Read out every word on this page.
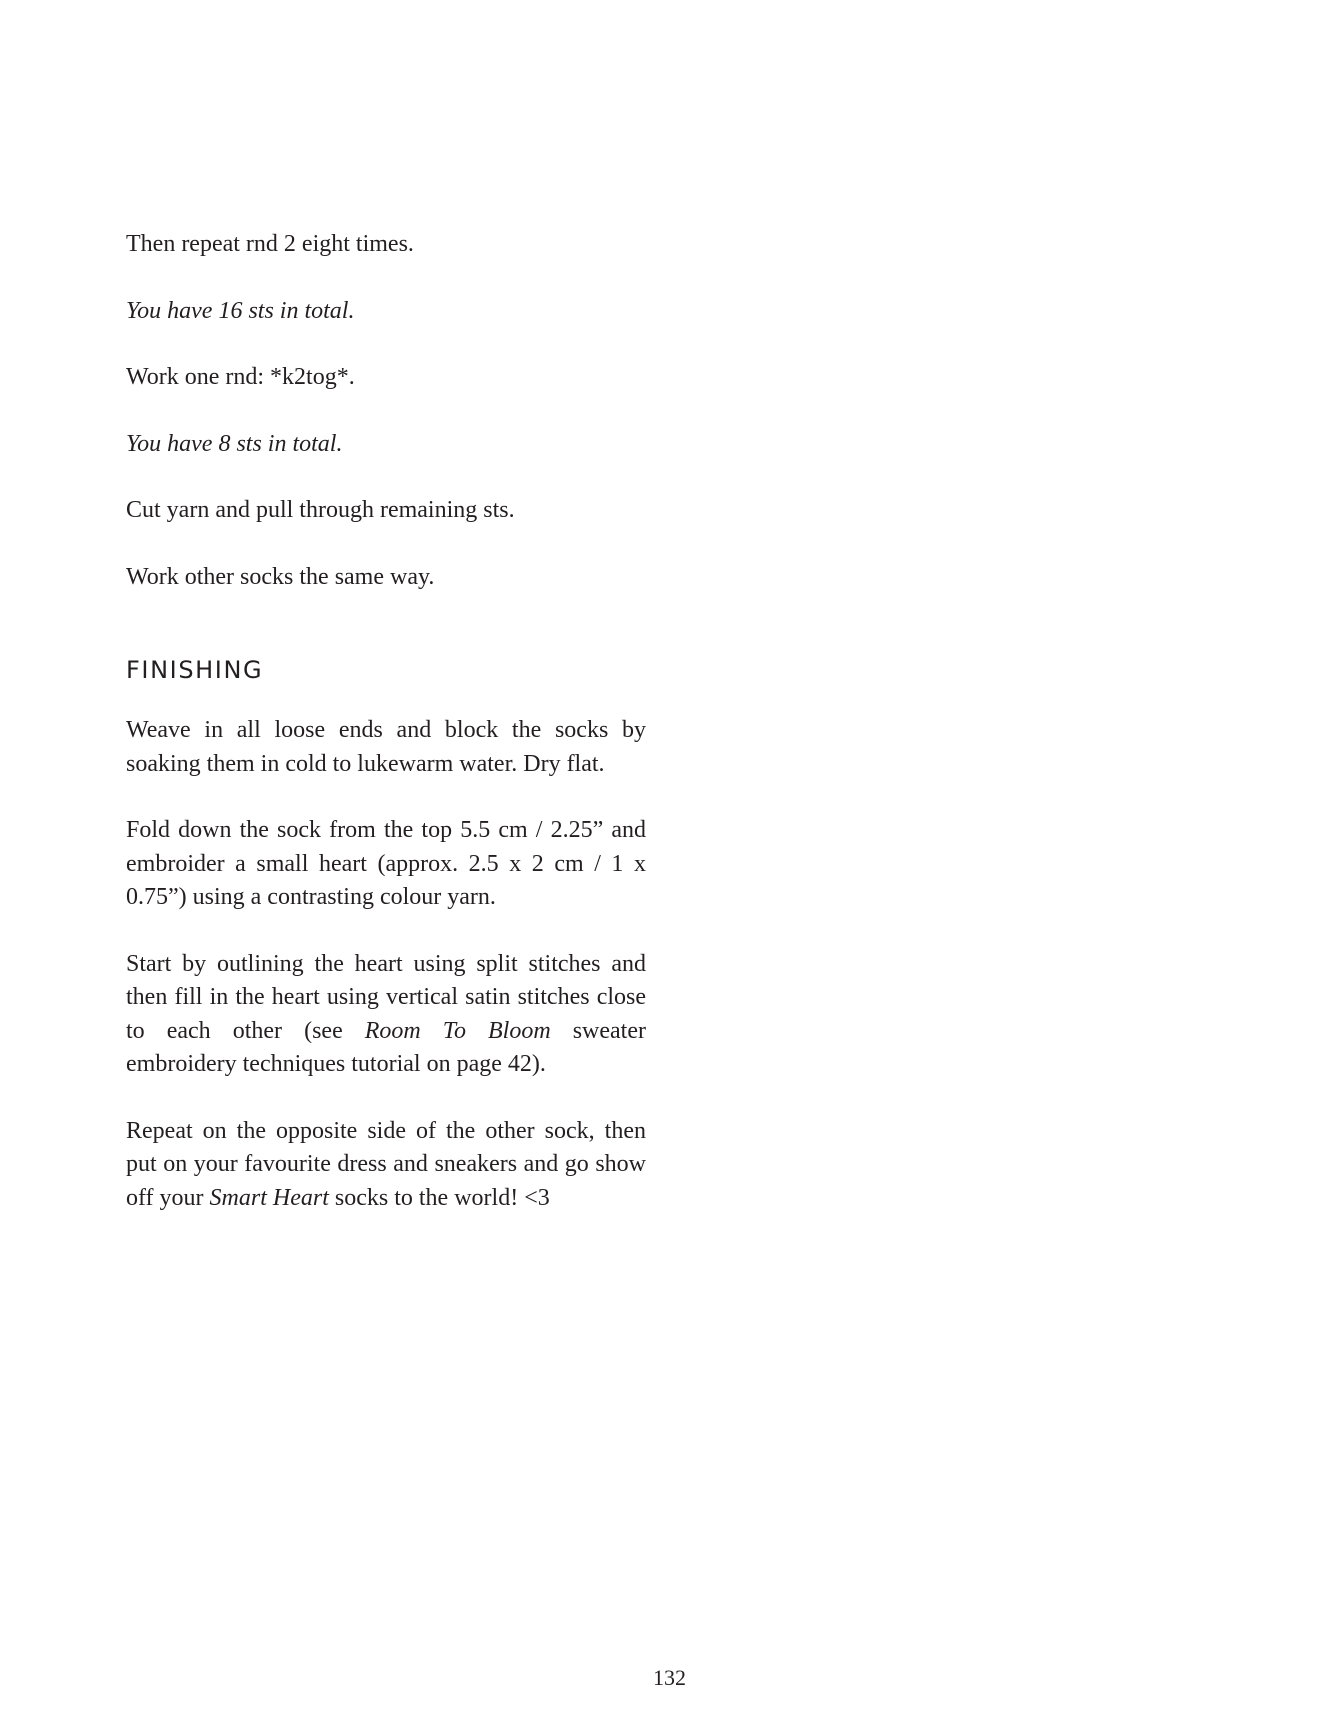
Then repeat rnd 2 eight times.

You have 16 sts in total.

Work one rnd: *k2tog*.

You have 8 sts in total.

Cut yarn and pull through remaining sts.

Work other socks the same way.

FINISHING

Weave in all loose ends and block the socks by soaking them in cold to lukewarm water. Dry flat.

Fold down the sock from the top 5.5 cm / 2.25” and embroider a small heart (approx. 2.5 x 2 cm / 1 x 0.75”) using a contrasting colour yarn.

Start by outlining the heart using split stitches and then fill in the heart using vertical satin stitches close to each other (see Room To Bloom sweater embroidery techniques tutorial on page 42).

Repeat on the opposite side of the other sock, then put on your favourite dress and sneakers and go show off your Smart Heart socks to the world! <3

132
